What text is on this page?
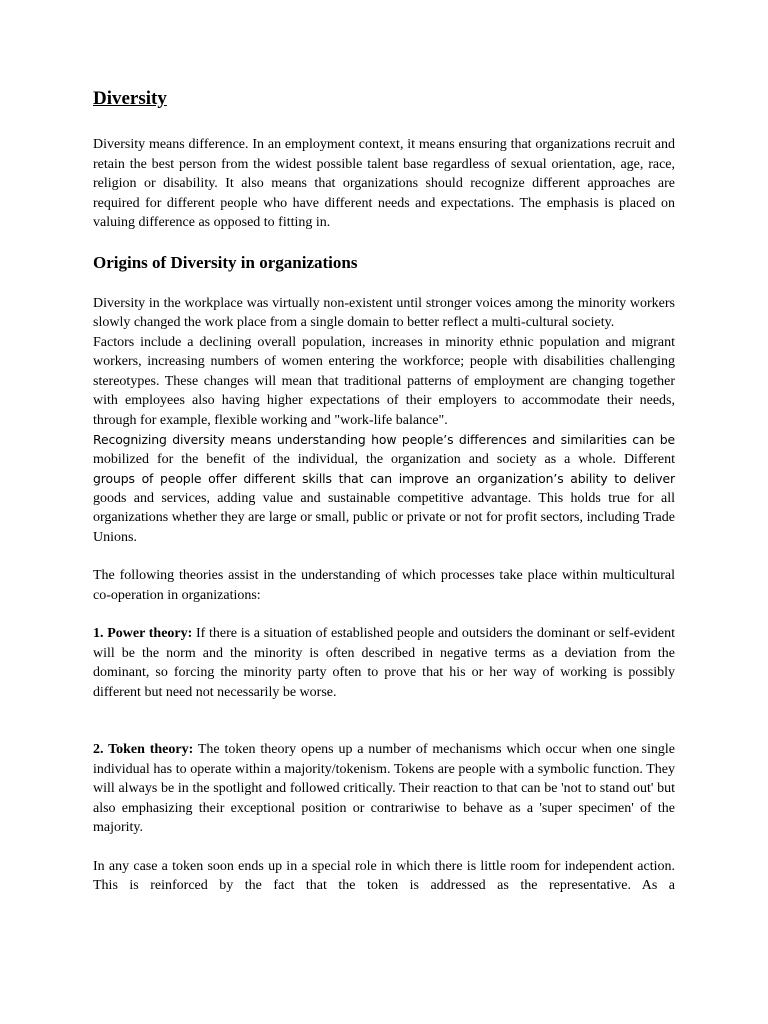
Diversity

Diversity means difference. In an employment context, it means ensuring that organizations recruit and retain the best person from the widest possible talent base regardless of sexual orientation, age, race, religion or disability. It also means that organizations should recognize different approaches are required for different people who have different needs and expectations. The emphasis is placed on valuing difference as opposed to fitting in.

Origins of Diversity in organizations

Diversity in the workplace was virtually non-existent until stronger voices among the minority workers slowly changed the work place from a single domain to better reflect a multi-cultural society.

Factors include a declining overall population, increases in minority ethnic population and migrant workers, increasing numbers of women entering the workforce; people with disabilities challenging stereotypes. These changes will mean that traditional patterns of employment are changing together with employees also having higher expectations of their employers to accommodate their needs, through for example, flexible working and "work-life balance".

Recognizing diversity means understanding how people’s differences and similarities can be

mobilized for the benefit of the individual, the organization and society as a whole. Different

groups of people offer different skills that can improve an organization’s ability to deliver

goods and services, adding value and sustainable competitive advantage. This holds true for all organizations whether they are large or small, public or private or not for profit sectors, including Trade Unions.

The following theories assist in the understanding of which processes take place within multicultural co-operation in organizations:

1. Power theory: If there is a situation of established people and outsiders the dominant or self-evident will be the norm and the minority is often described in negative terms as a deviation from the dominant, so forcing the minority party often to prove that his or her way of working is possibly different but need not necessarily be worse.

2. Token theory: The token theory opens up a number of mechanisms which occur when one single individual has to operate within a majority/tokenism. Tokens are people with a symbolic function. They will always be in the spotlight and followed critically. Their reaction to that can be 'not to stand out' but also emphasizing their exceptional position or contrariwise to behave as a 'super specimen' of the majority.

In any case a token soon ends up in a special role in which there is little room for independent action. This is reinforced by the fact that the token is addressed as the representative. As a
